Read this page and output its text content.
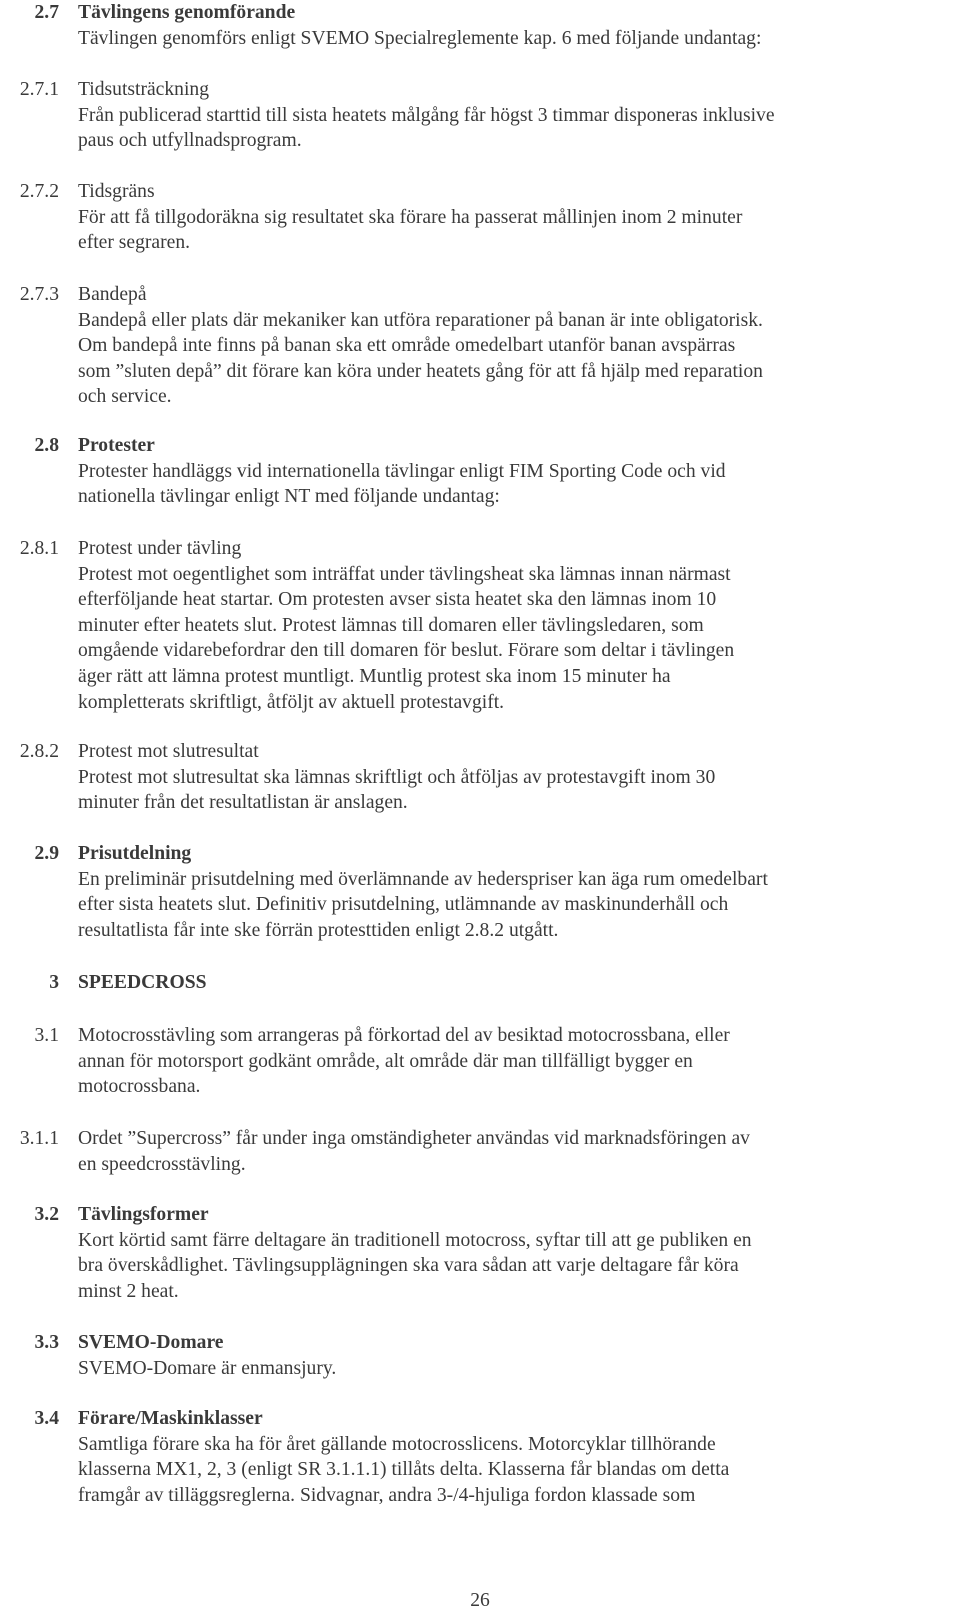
2.7 Tävlingens genomförande
Tävlingen genomförs enligt SVEMO Specialreglemente kap. 6 med följande undantag:
2.7.1 Tidsutsträckning
Från publicerad starttid till sista heatets målgång får högst 3 timmar disponeras inklusive
paus och utfyllnadsprogram.
2.7.2 Tidsgräns
För att få tillgodoräkna sig resultatet ska förare ha passerat mållinjen inom 2 minuter
efter segraren.
2.7.3 Bandepå
Bandepå eller plats där mekaniker kan utföra reparationer på banan är inte obligatorisk.
Om bandepå inte finns på banan ska ett område omedelbart utanför banan avspärras
som ”sluten depå” dit förare kan köra under heatets gång för att få hjälp med reparation
och service.
2.8 Protester
Protester handläggs vid internationella tävlingar enligt FIM Sporting Code och vid
nationella tävlingar enligt NT med följande undantag:
2.8.1 Protest under tävling
Protest mot oegentlighet som inträffat under tävlingsheat ska lämnas innan närmast
efterföljande heat startar. Om protesten avser sista heatet ska den lämnas inom 10
minuter efter heatets slut. Protest lämnas till domaren eller tävlingsledaren, som
omgående vidarebefordrar den till domaren för beslut. Förare som deltar i tävlingen
äger rätt att lämna protest muntligt. Muntlig protest ska inom 15 minuter ha
kompletterats skriftligt, åtföljt av aktuell protestavgift.
2.8.2 Protest mot slutresultat
Protest mot slutresultat ska lämnas skriftligt och åtföljas av protestavgift inom 30
minuter från det resultatlistan är anslagen.
2.9 Prisutdelning
En preliminär prisutdelning med överlämnande av hederspriser kan äga rum omedelbart
efter sista heatets slut. Definitiv prisutdelning, utlämnande av maskinunderhåll och
resultatlista får inte ske förrän protesttiden enligt 2.8.2 utgått.
3 SPEEDCROSS
3.1 Motocrosstävling som arrangeras på förkortad del av besiktad motocrossbana, eller
annan för motorsport godkänt område, alt område där man tillfälligt bygger en
motocrossbana.
3.1.1 Ordet ”Supercross” får under inga omständigheter användas vid marknadsföringen av
en speedcrosstävling.
3.2 Tävlingsformer
Kort körtid samt färre deltagare än traditionell motocross, syftar till att ge publiken en
bra överskådlighet. Tävlingsupplägningen ska vara sådan att varje deltagare får köra
minst 2 heat.
3.3 SVEMO-Domare
SVEMO-Domare är enmansjury.
3.4 Förare/Maskinklasser
Samtliga förare ska ha för året gällande motocrosslicens. Motorcyklar tillhörande
klasserna MX1, 2, 3 (enligt SR 3.1.1.1) tillåts delta. Klasserna får blandas om detta
framgår av tilläggsreglerna. Sidvagnar, andra 3-/4-hjuliga fordon klassade som
26
